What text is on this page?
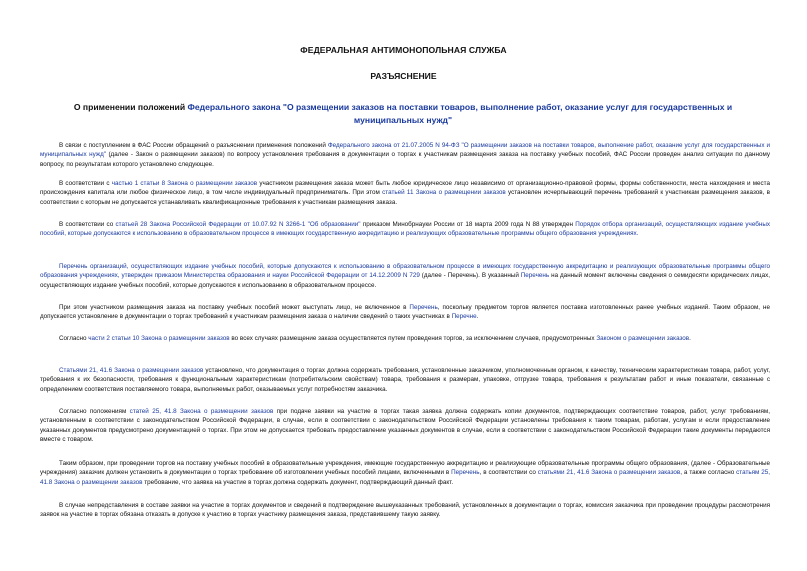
ФЕДЕРАЛЬНАЯ АНТИМОНОПОЛЬНАЯ СЛУЖБА
РАЗЪЯСНЕНИЕ
О применении положений Федерального закона "О размещении заказов на поставки товаров, выполнение работ, оказание услуг для государственных и муниципальных нужд"

В связи с поступлением в ФАС России обращений о разъяснении применения положений Федерального закона от 21.07.2005 N 94-ФЗ "О размещении заказов на поставки товаров, выполнение работ, оказание услуг для государственных и муниципальных нужд" (далее - Закон о размещении заказов) по вопросу установления требования в документации о торгах к участникам размещения заказа на поставку учебных пособий, ФАС России проведен анализ ситуации по данному вопросу, по результатам которого установлено следующее.

В соответствии с частью 1 статьи 8 Закона о размещении заказов участником размещения заказа может быть любое юридическое лицо независимо от организационно-правовой формы, формы собственности, места нахождения и места происхождения капитала или любое физическое лицо, в том числе индивидуальный предприниматель. При этом статьей 11 Закона о размещении заказов установлен исчерпывающий перечень требований к участникам размещения заказов, в соответствии с которым не допускается устанавливать квалификационные требования к участникам размещения заказа.

В соответствии со статьей 28 Закона Российской Федерации от 10.07.92 N 3266-1 "Об образовании" приказом Минобрнауки России от 18 марта 2009 года N 88 утвержден Порядок отбора организаций, осуществляющих издание учебных пособий, которые допускаются к использованию в образовательном процессе в имеющих государственную аккредитацию и реализующих образовательные программы общего образования учреждениях.

Перечень организаций, осуществляющих издание учебных пособий, которые допускаются к использованию в образовательном процессе в имеющих государственную аккредитацию и реализующих образовательные программы общего образования учреждениях, утвержден приказом Министерства образования и науки Российской Федерации от 14.12.2009 N 729 (далее - Перечень). В указанный Перечень на данный момент включены сведения о семидесяти юридических лицах, осуществляющих издание учебных пособий, которые допускаются к использованию в образовательном процессе.

При этом участником размещения заказа на поставку учебных пособий может выступать лицо, не включенное в Перечень, поскольку предметом торгов является поставка изготовленных ранее учебных изданий. Таким образом, не допускается установление в документации о торгах требований к участникам размещения заказа о наличии сведений о таких участниках в Перечне.

Согласно части 2 статьи 10 Закона о размещении заказов во всех случаях размещение заказа осуществляется путем проведения торгов, за исключением случаев, предусмотренных Законом о размещении заказов.

Статьями 21, 41.6 Закона о размещении заказов установлено, что документация о торгах должна содержать требования, установленные заказчиком, уполномоченным органом, к качеству, техническим характеристикам товара, работ, услуг, требования к их безопасности, требования к функциональным характеристикам (потребительским свойствам) товара, требования к размерам, упаковке, отгрузке товара, требования к результатам работ и иные показатели, связанные с определением соответствия поставляемого товара, выполняемых работ, оказываемых услуг потребностям заказчика.

Согласно положениям статей 25, 41.8 Закона о размещении заказов при подаче заявки на участие в торгах такая заявка должна содержать копии документов, подтверждающих соответствие товаров, работ, услуг требованиям, установленным в соответствии с законодательством Российской Федерации, в случае, если в соответствии с законодательством Российской Федерации установлены требования к таким товарам, работам, услугам и если предоставление указанных документов предусмотрено документацией о торгах. При этом не допускается требовать предоставление указанных документов в случае, если в соответствии с законодательством Российской Федерации такие документы передаются вместе с товаром.

Таким образом, при проведении торгов на поставку учебных пособий в образовательные учреждения, имеющие государственную аккредитацию и реализующие образовательные программы общего образования, (далее - Образовательные учреждения) заказчик должен установить в документации о торгах требование об изготовлении учебных пособий лицами, включенными в Перечень, в соответствии со статьями 21, 41.6 Закона о размещении заказов, а также согласно статьям 25, 41.8 Закона о размещении заказов требование, что заявка на участие в торгах должна содержать документ, подтверждающий данный факт.

В случае непредставления в составе заявки на участие в торгах документов и сведений в подтверждение вышеуказанных требований, установленных в документации о торгах, комиссия заказчика при проведении процедуры рассмотрения заявок на участие в торгах обязана отказать в допуске к участию в торгах участнику размещения заказа, представившему такую заявку.
